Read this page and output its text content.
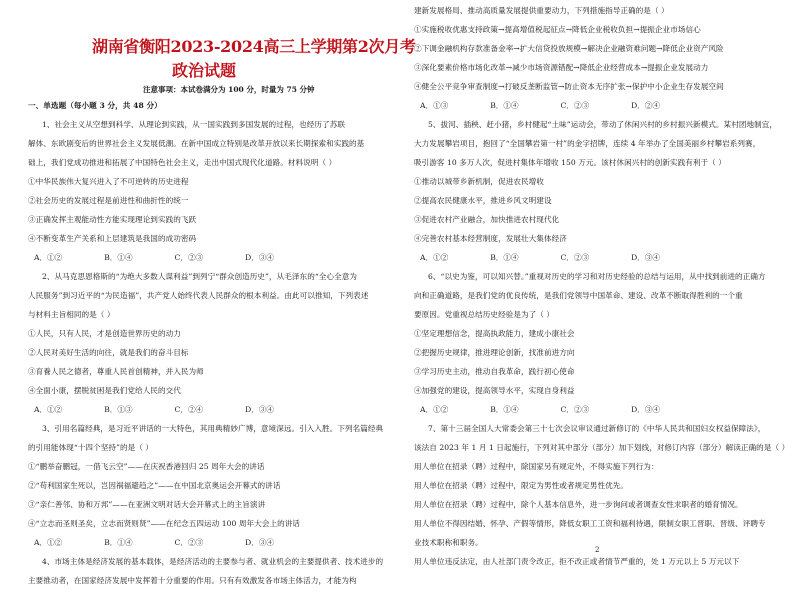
湖南省衡阳2023-2024高三上学期第2次月考
政治试题
注意事项：本试卷满分为 100 分，时量为 75 分钟
一、单选题（每小题 3 分，共 48 分）
1、社会主义从空想到科学、从理论到实践，从一国实践到多国发展的过程，也经历了苏联
解体、东欧剧变后的世界社会主义发展低潮。在新中国成立特别是改革开放以来长期探索和实践的基
础上，我们党成功推进和拓展了中国特色社会主义，走出中国式现代化道路。材料说明（ ）
①中华民族伟大复兴进入了不可逆转的历史进程
②社会历史的发展过程是前进性和曲折性的统一
③正确发挥主观能动性方能实现理论到实践的飞跃
④不断变革生产关系和上层建筑是我国的成功密码
A．①②	B．①④	C．②③	D．③④
2、从马克思恩格斯的“为绝大多数人谋利益”到列宁“群众创造历史”，从毛泽东的“全心全意为
人民服务”到习近平的“为民造福”，共产党人始终代表人民群众的根本利益。由此可以推知，下列表述
与材料主旨相同的是（ ）
①人民，只有人民，才是创造世界历史的动力
②人民对美好生活的向往，就是我们的奋斗目标
③育養人民之德者，尊重人民首创精神，并入民为师
④全面小康，摆脱贫困是我们党给人民的交代
A．①②	B．①③	C．②④	D．③④
3、引用名篇经典，是习近平讲话的一大特色，其用典精妙广博，意境深远。引入入胜。下列名篇经典
的引用能体现“十四个坚持”的是（ ）
①“鹏举奋鹏冠，一借飞云空”——在庆祝香港回归 25 周年大会的讲话
②“苟利国家生死以，岂因祸福避趋之”——在中国北京奥运会开幕式的讲话
③“亲仁善邻、协和万邦”——在亚洲文明对话大会开幕式上的主旨演讲
④“立志而圣则圣矣，立志而贤则贤”——在纪念五四运动 100 周年大会上的讲话
A．①②	B．①④	C．②③	D．③④
4、市场主体是经济发展的基本载体，是经济活动的主要参与者、就业机会的主要提供者、技术进步的
主要推动者，在国家经济发展中发挥着十分重要的作用。只有有效激发各市场主体活力，才能为构
建新发展格局、推动高质量发展提供重要动力，下列措施指导正确的是（ ）
①实施税收优惠支持政策→提高增值税起征点→降低企业税收负担→提振企业市场信心
②下调金融机构存款准备金率→扩大信贷投放规模→解决企业融资难问题→降低企业资产风险
③深化要素价格市场化改革→减少市场资源错配→降低企业经营成本→提振企业发展动力
④健全公平竞争审查制度→打破反垄断监管→防止资本无序扩张→保护中小企业生存发展空间
A．①③	B．①④	C．②③	D．②④
5、拔河、插秧、赶小猪，乡村健起“土味”运动会，带动了休闲兴村的乡村振兴新模式。某村团地制宜，
大力发展攀岩项目，抱回了“全国攀岩第一村”的金字招牌，连续 4 年举办了全国美丽乡村攀岩系列赛，
吸引游客 10 多万人次，促进村集体年增收 150 万元。该村休闲兴村的创新实践有利于（ ）
①推动以城带乡新机制，促进农民增收
②提高农民健康水平，推进乡风文明建设
③促进农村产业融合，加快推进农村现代化
④完善农村基本经营制度，发展壮大集体经济
A．①②	B．①④	C．②③	D．③④
6、“以史为鉴，可以知兴替。”重视对历史的学习和对历史经验的总结与运用，从中找到前进的正确方
向和正确道路，是我们党的优良传统，是我们党领导中国革命、建设、改革不断取得胜利的一个重
要原因。党重视总结历史经验是为了（ ）
①坚定理想信念，提高执政能力，建成小康社会
②把握历史规律，推进理论创新，找准前进方向
③学习历史主动，推动自我革命，践行初心使命
④加强党的建设，提高领导水平，实现自身利益
A．①②	B．①④	C．②③	D．③④
7、第十三届全国人大常委会第三十七次会议审议通过新修订的《中华人民共和国妇女权益保障法》，
该法自 2023 年 1 月 1 日起施行，下列对其中部分（部分）加下划线，对修订内容（部分）解读正确的是（ ）
用人单位在招录（聘）过程中，除国家另有规定外，不得实施下列行为：
用人单位在招录（聘）过程中，限定为男性或者规定男性优先。
用人单位在招录（聘）过程中，除个人基本信息外，进一步询问或者调查女性求职者的婚育情况。
用人单位不得因结婚、怀孕、产假等情形，降低女职工工资和福利待遇，限制女职工晋职、晋级、评聘专
业技术职称和职务。
用人单位违反法定，由人社部门责令改正，拒不改正或者情节严重的，处 1 万元以上 5 万元以下
2
